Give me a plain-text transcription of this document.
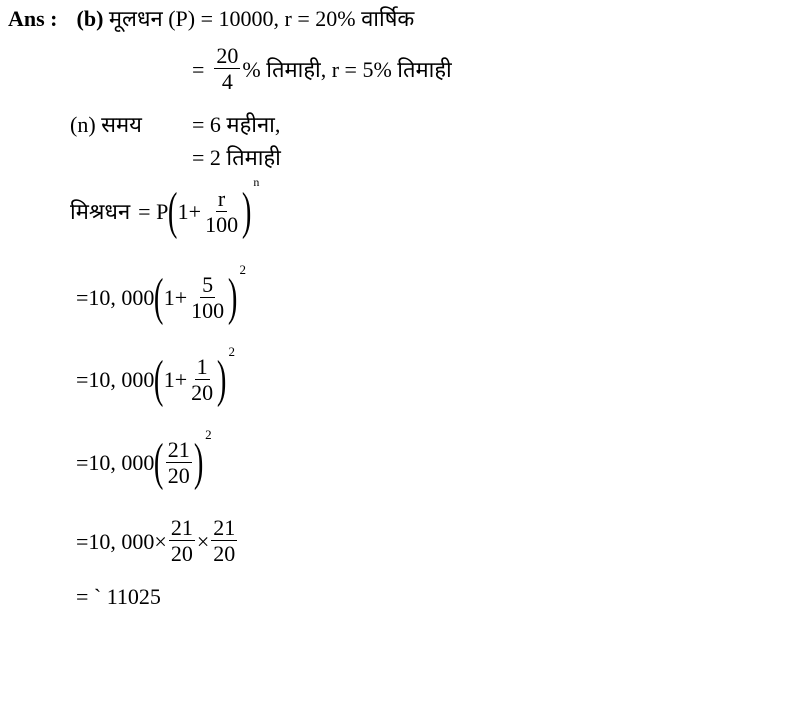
Ans : (b) मूलधन (P) = 10000, r = 20% वार्षिक
= $\frac{20}{4}$ % तिमाही, r = 5% तिमाही
(n) समय = 6 महीना,
= 2 तिमाही
मिश्रधन = P ( $1+ \frac{r}{100}$ )
n
=10, 000 ( $1+ \frac{5}{100}$ ) 2
=10, 000 ( $1+ \frac{1}{20}$ ) 2
=10, 000 ( $\frac{21}{20}$ ) 2
=10, $000\times \frac{21}{20} \times \frac{21}{20}$
= ` 11025
